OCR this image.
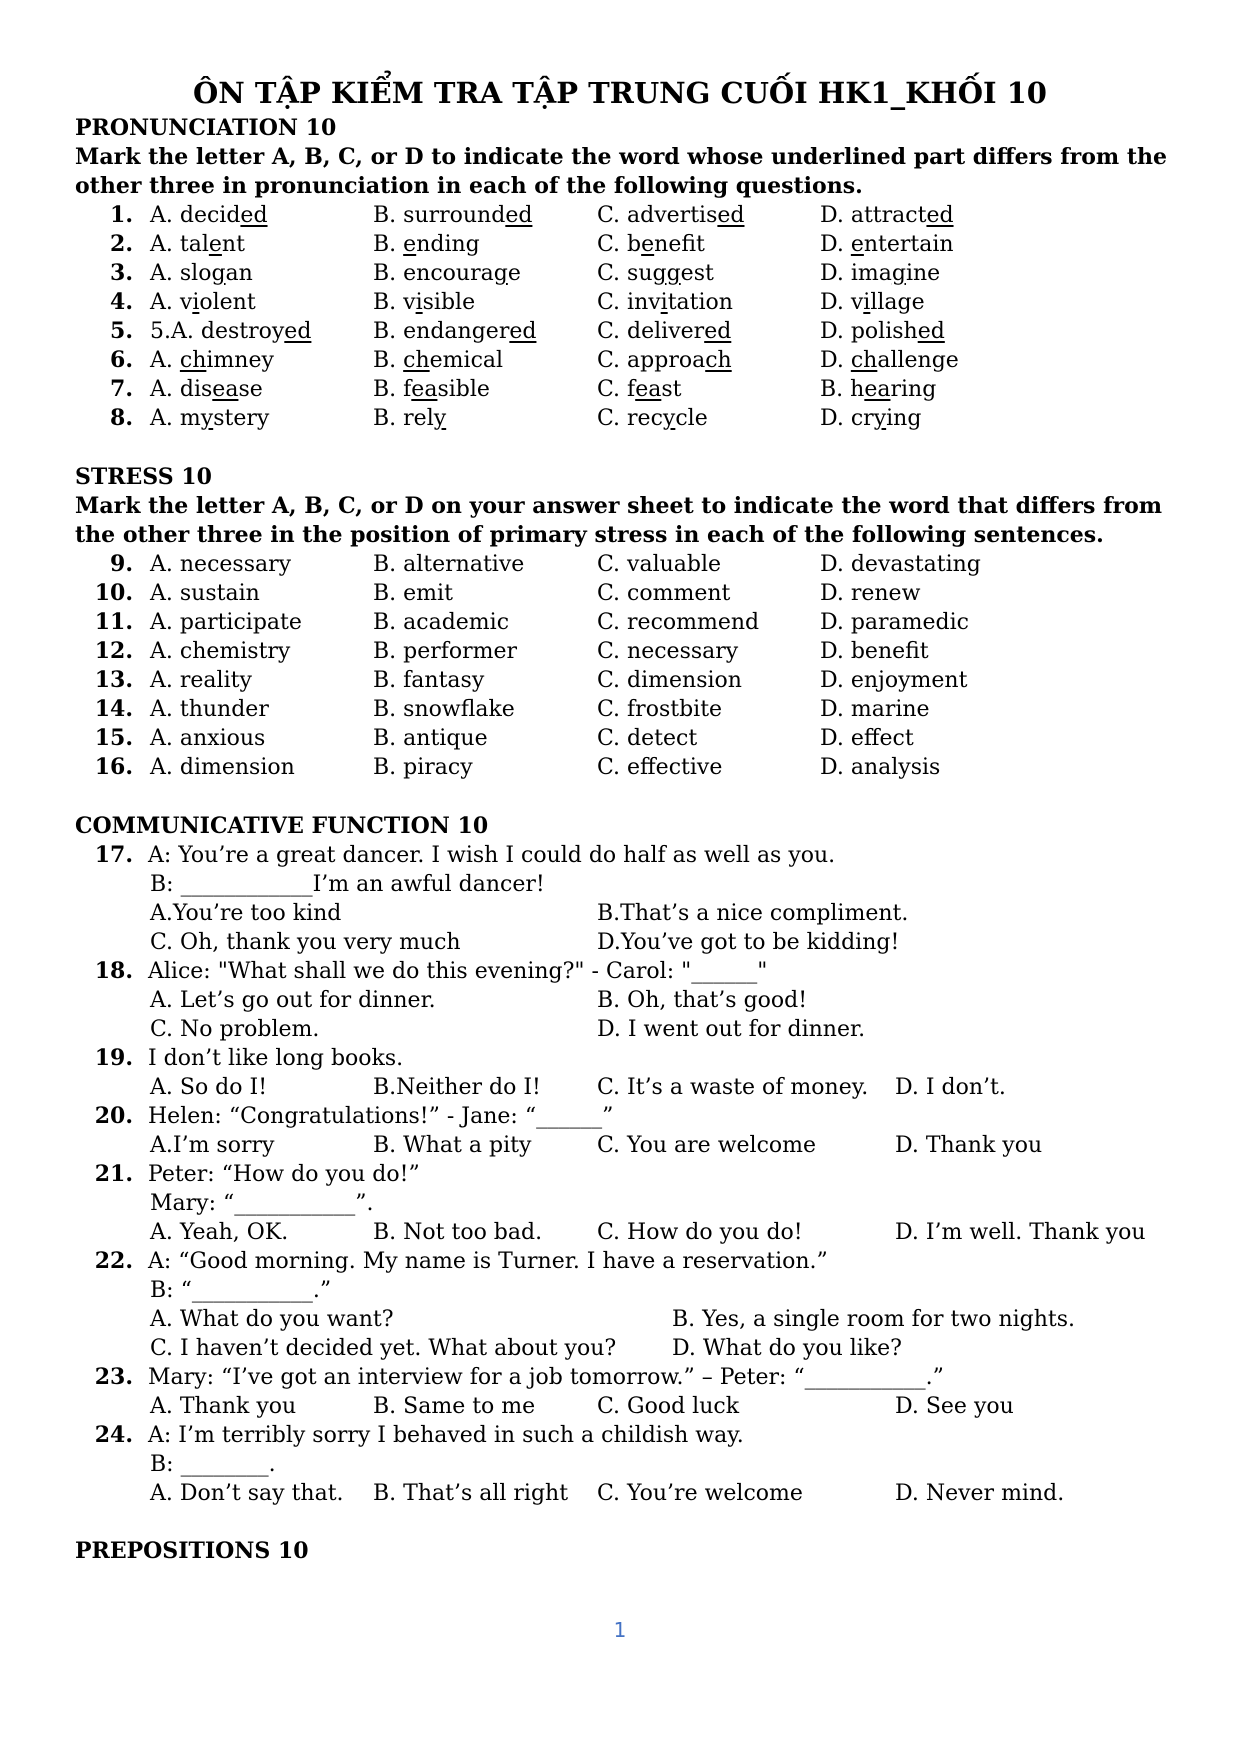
ÔN TẬP KIỂM TRA TẬP TRUNG CUỐI HK1_KHỐI 10
PRONUNCIATION 10
Mark the letter A, B, C, or D to indicate the word whose underlined part differs from the other three in pronunciation in each of the following questions.
1. A. decided	B. surrounded	C. advertised	D. attracted
2. A. talent	B. ending	C. benefit	D. entertain
3. A. slogan	B. encourage	C. suggest	D. imagine
4. A. violent	B. visible	C. invitation	D. village
5. 5.A. destroyed	B. endangered	C. delivered	D. polished
6. A. chimney	B. chemical	C. approach	D. challenge
7. A. disease	B. feasible	C. feast	B. hearing
8. A. mystery	B. rely	C. recycle	D. crying
STRESS 10
Mark the letter A, B, C, or D on your answer sheet to indicate the word that differs from the other three in the position of primary stress in each of the following sentences.
9. A. necessary	B. alternative	C. valuable	D. devastating
10. A. sustain	B. emit	C. comment	D. renew
11. A. participate	B. academic	C. recommend	D. paramedic
12. A. chemistry	B. performer	C. necessary	D. benefit
13. A. reality	B. fantasy	C. dimension	D. enjoyment
14. A. thunder	B. snowflake	C. frostbite	D. marine
15. A. anxious	B. antique	C. detect	D. effect
16. A. dimension	B. piracy	C. effective	D. analysis
COMMUNICATIVE FUNCTION 10
17. A: You’re a great dancer. I wish I could do half as well as you.
B: ____________I’m an awful dancer!
A.You’re too kind	B.That’s a nice compliment.
C. Oh, thank you very much	D.You’ve got to be kidding!
18. Alice: "What shall we do this evening?" - Carol: "______"
A. Let’s go out for dinner.	B. Oh, that’s good!
C. No problem.	D. I went out for dinner.
19. I don’t like long books.
A. So do I!	B.Neither do I!	C. It’s a waste of money. D. I don’t.
20. Helen: “Congratulations!” - Jane: “______”
A.I’m sorry	B. What a pity	C. You are welcome	D. Thank you
21. Peter: “How do you do!”
Mary: “___________”.
A. Yeah, OK.	B. Not too bad. C. How do you do!	D. I’m well. Thank you
22. A: “Good morning. My name is Turner. I have a reservation.”
B: “___________.”
A. What do you want?	B. Yes, a single room for two nights.
C. I haven’t decided yet. What about you?	D. What do you like?
23. Mary: “I’ve got an interview for a job tomorrow.” – Peter: “___________.”
A. Thank you	B. Same to me	C. Good luck	D. See you
24. A: I’m terribly sorry I behaved in such a childish way.
B: ________.
A. Don’t say that. B. That’s all right C. You’re welcome	D. Never mind.
PREPOSITIONS 10
1
